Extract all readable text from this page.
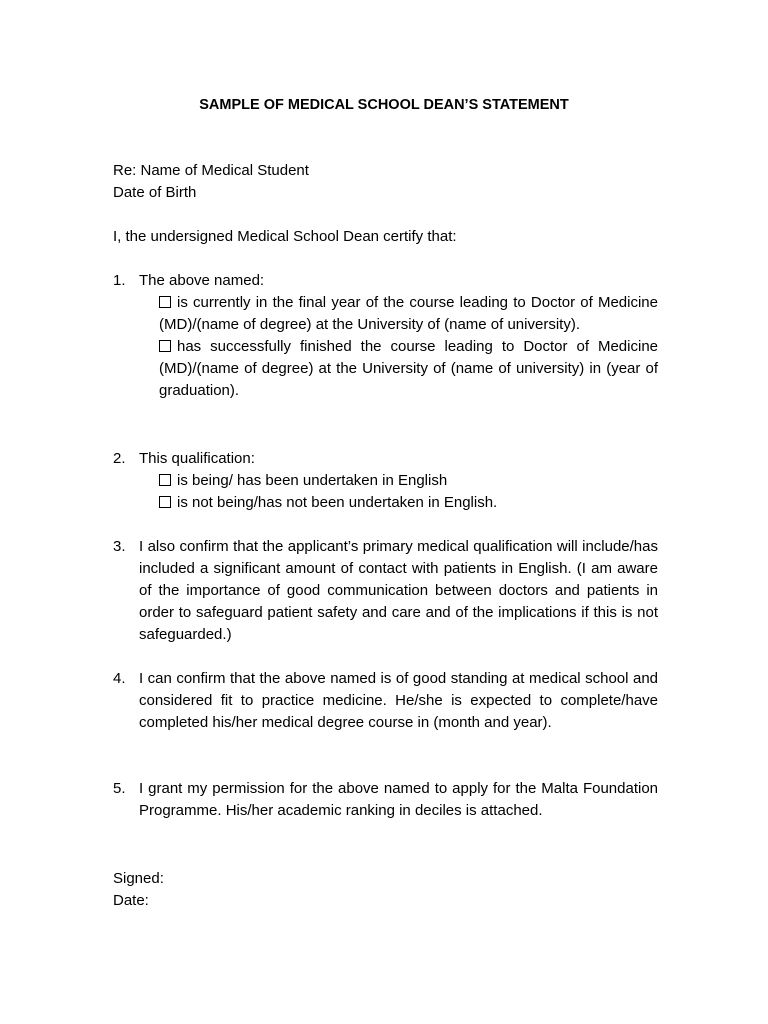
SAMPLE OF MEDICAL SCHOOL DEAN’S STATEMENT
Re: Name of Medical Student
Date of Birth
I, the undersigned Medical School Dean certify that:
1. The above named:
is currently in the final year of the course leading to Doctor of Medicine (MD)/(name of degree) at the University of (name of university).
has successfully finished the course leading to Doctor of Medicine (MD)/(name of degree) at the University of (name of university) in (year of graduation).
2. This qualification:
is being/ has been undertaken in English
is not being/has not been undertaken in English.
3. I also confirm that the applicant’s primary medical qualification will include/has included a significant amount of contact with patients in English. (I am aware of the importance of good communication between doctors and patients in order to safeguard patient safety and care and of the implications if this is not safeguarded.)
4. I can confirm that the above named is of good standing at medical school and considered fit to practice medicine. He/she is expected to complete/have completed his/her medical degree course in (month and year).
5. I grant my permission for the above named to apply for the Malta Foundation Programme. His/her academic ranking in deciles is attached.
Signed:
Date:
